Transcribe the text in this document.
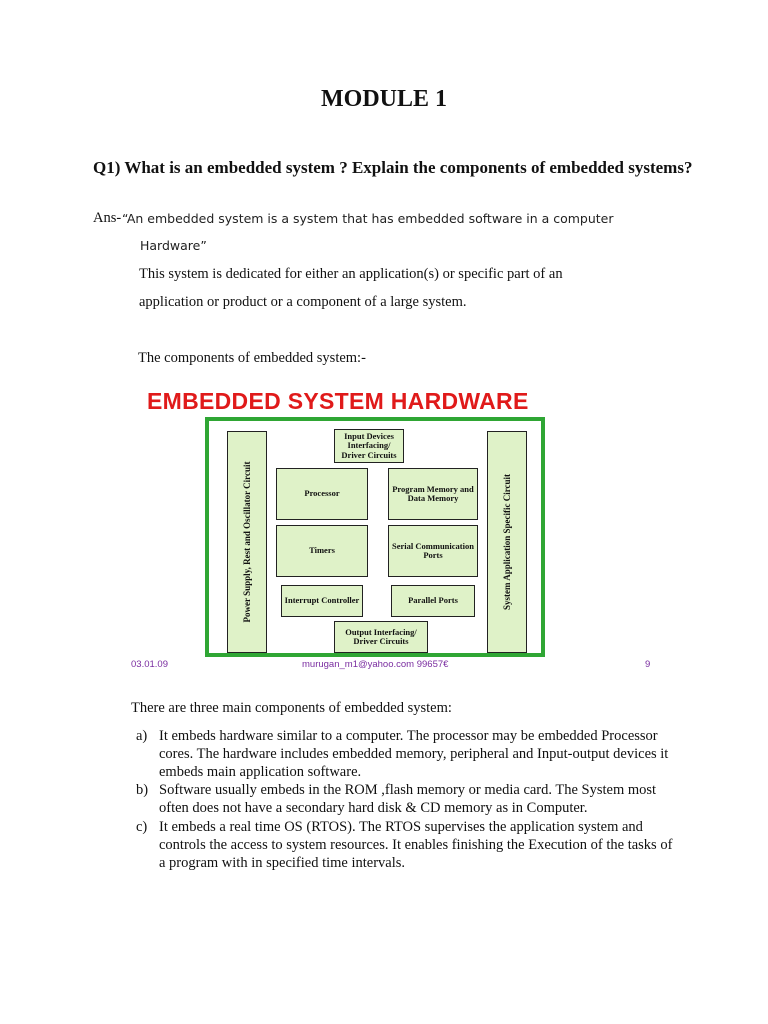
MODULE 1
Q1) What is an embedded system ? Explain the components of embedded systems?
Ans- “An embedded system is a system that has embedded software in a computer
Hardware”
This system is dedicated for either an application(s) or specific part of an
application or product or a component of a large system.
The components of embedded system:-
EMBEDDED SYSTEM HARDWARE
Power Supply, Rest and Oscillator Circuit	System Application Specific Circuit
Input Devices Interfacing/ Driver Circuits
Processor	Program Memory and Data Memory
Timers	Serial Communication Ports
Interrupt Controller	Parallel Ports
Output Interfacing/ Driver Circuits
03.01.09	murugan_m1@yahoo.com 99657€	9
There are three main components of embedded system:
a) It embeds hardware similar to a computer. The processor may be embedded Processor cores. The hardware includes embedded memory, peripheral and Input-output devices it embeds main application software.
b) Software usually embeds in the ROM ,flash memory or media card. The System most often does not have a secondary hard disk & CD memory as in Computer.
c) It embeds a real time OS (RTOS). The RTOS supervises the application system and controls the access to system resources. It enables finishing the Execution of the tasks of a program with in specified time intervals.
